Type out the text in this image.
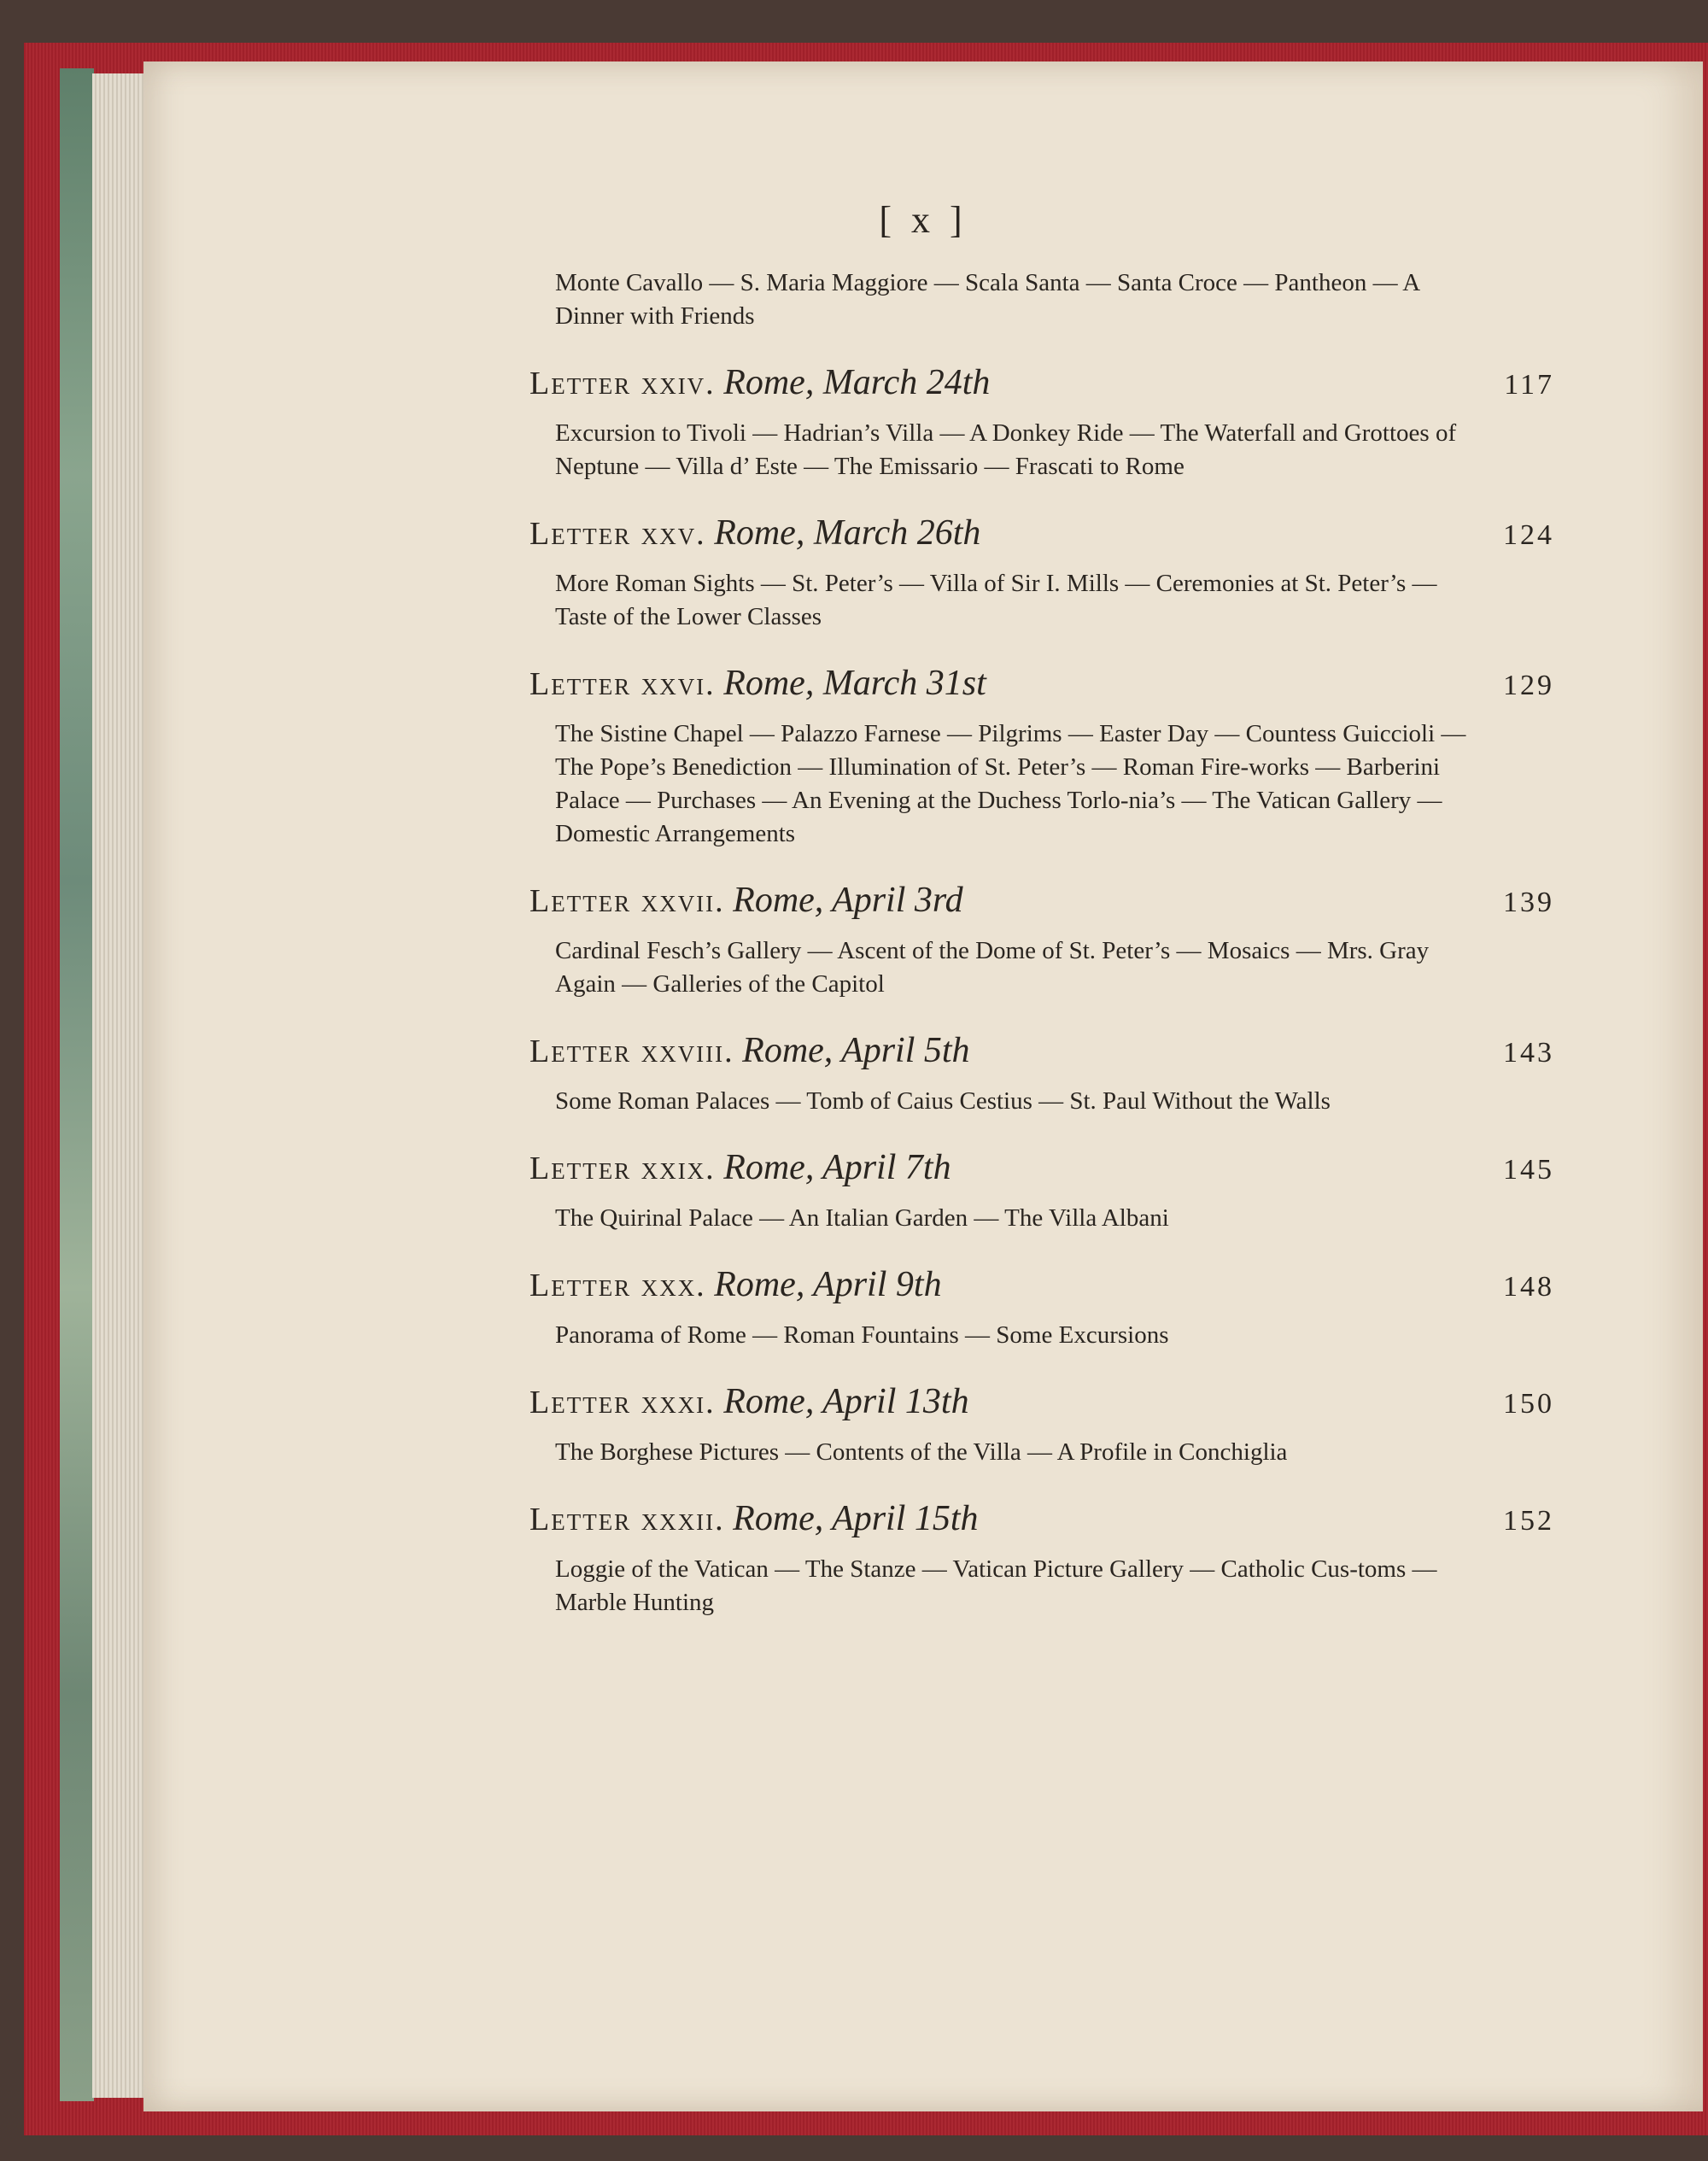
[ x ]
Monte Cavallo — S. Maria Maggiore — Scala Santa — Santa Croce — Pantheon — A Dinner with Friends
Letter xxiv. Rome, March 24th	117
Excursion to Tivoli — Hadrian’s Villa — A Donkey Ride — The Waterfall and Grottoes of Neptune — Villa d’ Este — The Emissario — Frascati to Rome
Letter xxv. Rome, March 26th	124
More Roman Sights — St. Peter’s — Villa of Sir I. Mills — Ceremonies at St. Peter’s — Taste of the Lower Classes
Letter xxvi. Rome, March 31st	129
The Sistine Chapel — Palazzo Farnese — Pilgrims — Easter Day — Countess Guiccioli — The Pope’s Benediction — Illumination of St. Peter’s — Roman Fire-works — Barberini Palace — Purchases — An Evening at the Duchess Torlo-nia’s — The Vatican Gallery — Domestic Arrangements
Letter xxvii. Rome, April 3rd	139
Cardinal Fesch’s Gallery — Ascent of the Dome of St. Peter’s — Mosaics — Mrs. Gray Again — Galleries of the Capitol
Letter xxviii. Rome, April 5th	143
Some Roman Palaces — Tomb of Caius Cestius — St. Paul Without the Walls
Letter xxix. Rome, April 7th	145
The Quirinal Palace — An Italian Garden — The Villa Albani
Letter xxx. Rome, April 9th	148
Panorama of Rome — Roman Fountains — Some Excursions
Letter xxxi. Rome, April 13th	150
The Borghese Pictures — Contents of the Villa — A Profile in Conchiglia
Letter xxxii. Rome, April 15th	152
Loggie of the Vatican — The Stanze — Vatican Picture Gallery — Catholic Cus-toms — Marble Hunting
